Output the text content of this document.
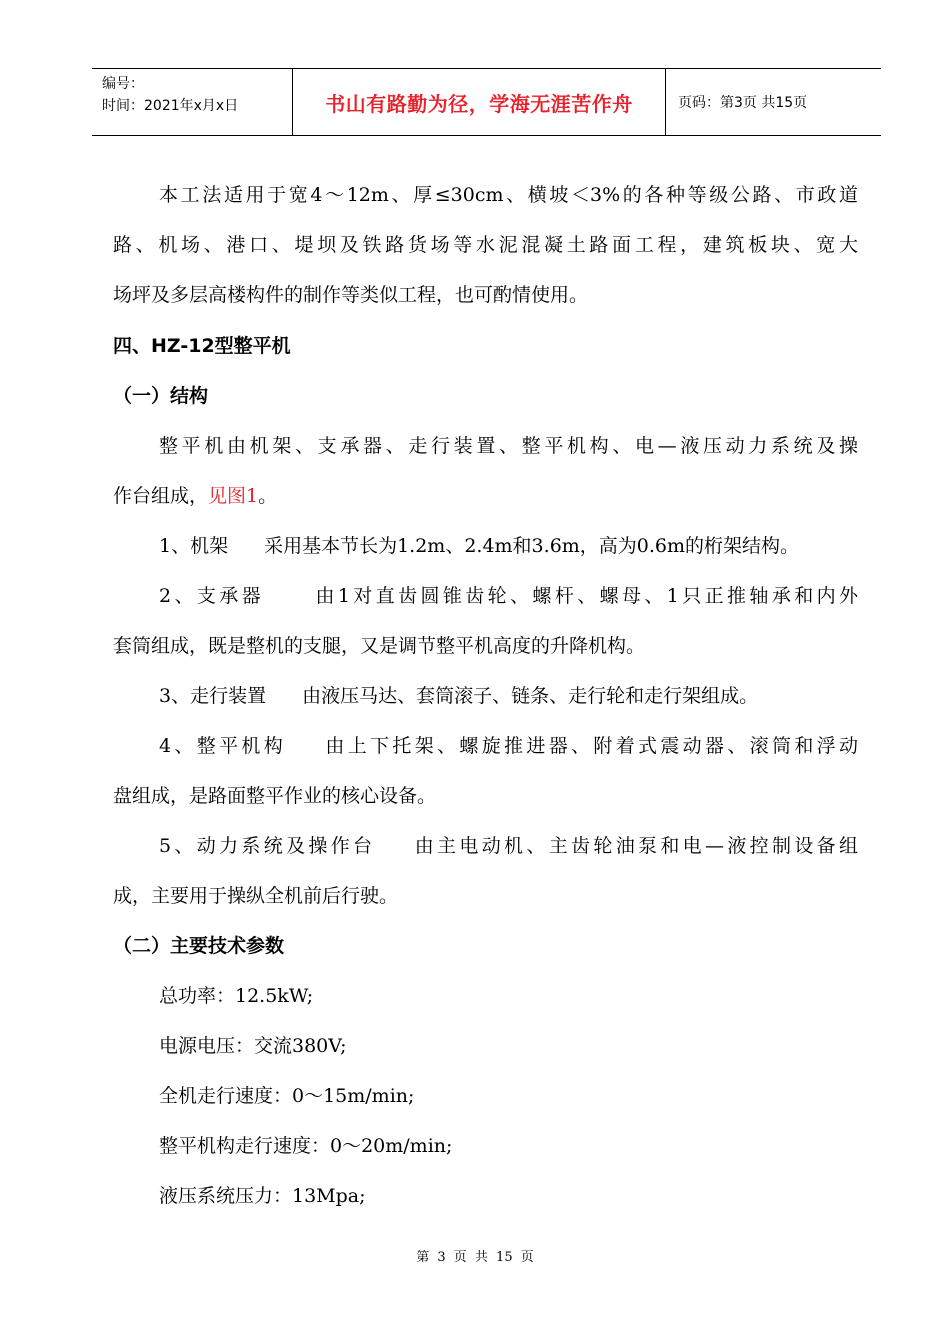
编号：
时间：2021年x月x日	书山有路勤为径，学海无涯苦作舟	页码：第3页 共15页
本工法适用于宽4～12m、厚≤30cm、横坡＜3%的各种等级公路、市政道
路、机场、港口、堤坝及铁路货场等水泥混凝土路面工程，建筑板块、宽大
场坪及多层高楼构件的制作等类似工程，也可酌情使用。
四、HZ-12型整平机
（一）结构
整平机由机架、支承器、走行装置、整平机构、电—液压动力系统及操
作台组成，见图1。
1、机架 采用基本节长为1.2m、2.4m和3.6m，高为0.6m的桁架结构。
2、支承器	由1对直齿圆锥齿轮、螺杆、螺母、1只正推轴承和内外
套筒组成，既是整机的支腿，又是调节整平机高度的升降机构。
3、走行装置 由液压马达、套筒滚子、链条、走行轮和走行架组成。
4、整平机构 由上下托架、螺旋推进器、附着式震动器、滚筒和浮动
盘组成，是路面整平作业的核心设备。
5、动力系统及操作台 由主电动机、主齿轮油泵和电—液控制设备组
成，主要用于操纵全机前后行驶。
（二）主要技术参数
总功率：12.5kW;
电源电压：交流380V;
全机走行速度：0～15m/min;
整平机构走行速度：0～20m/min;
液压系统压力：13Mpa;
第 3 页 共 15 页
